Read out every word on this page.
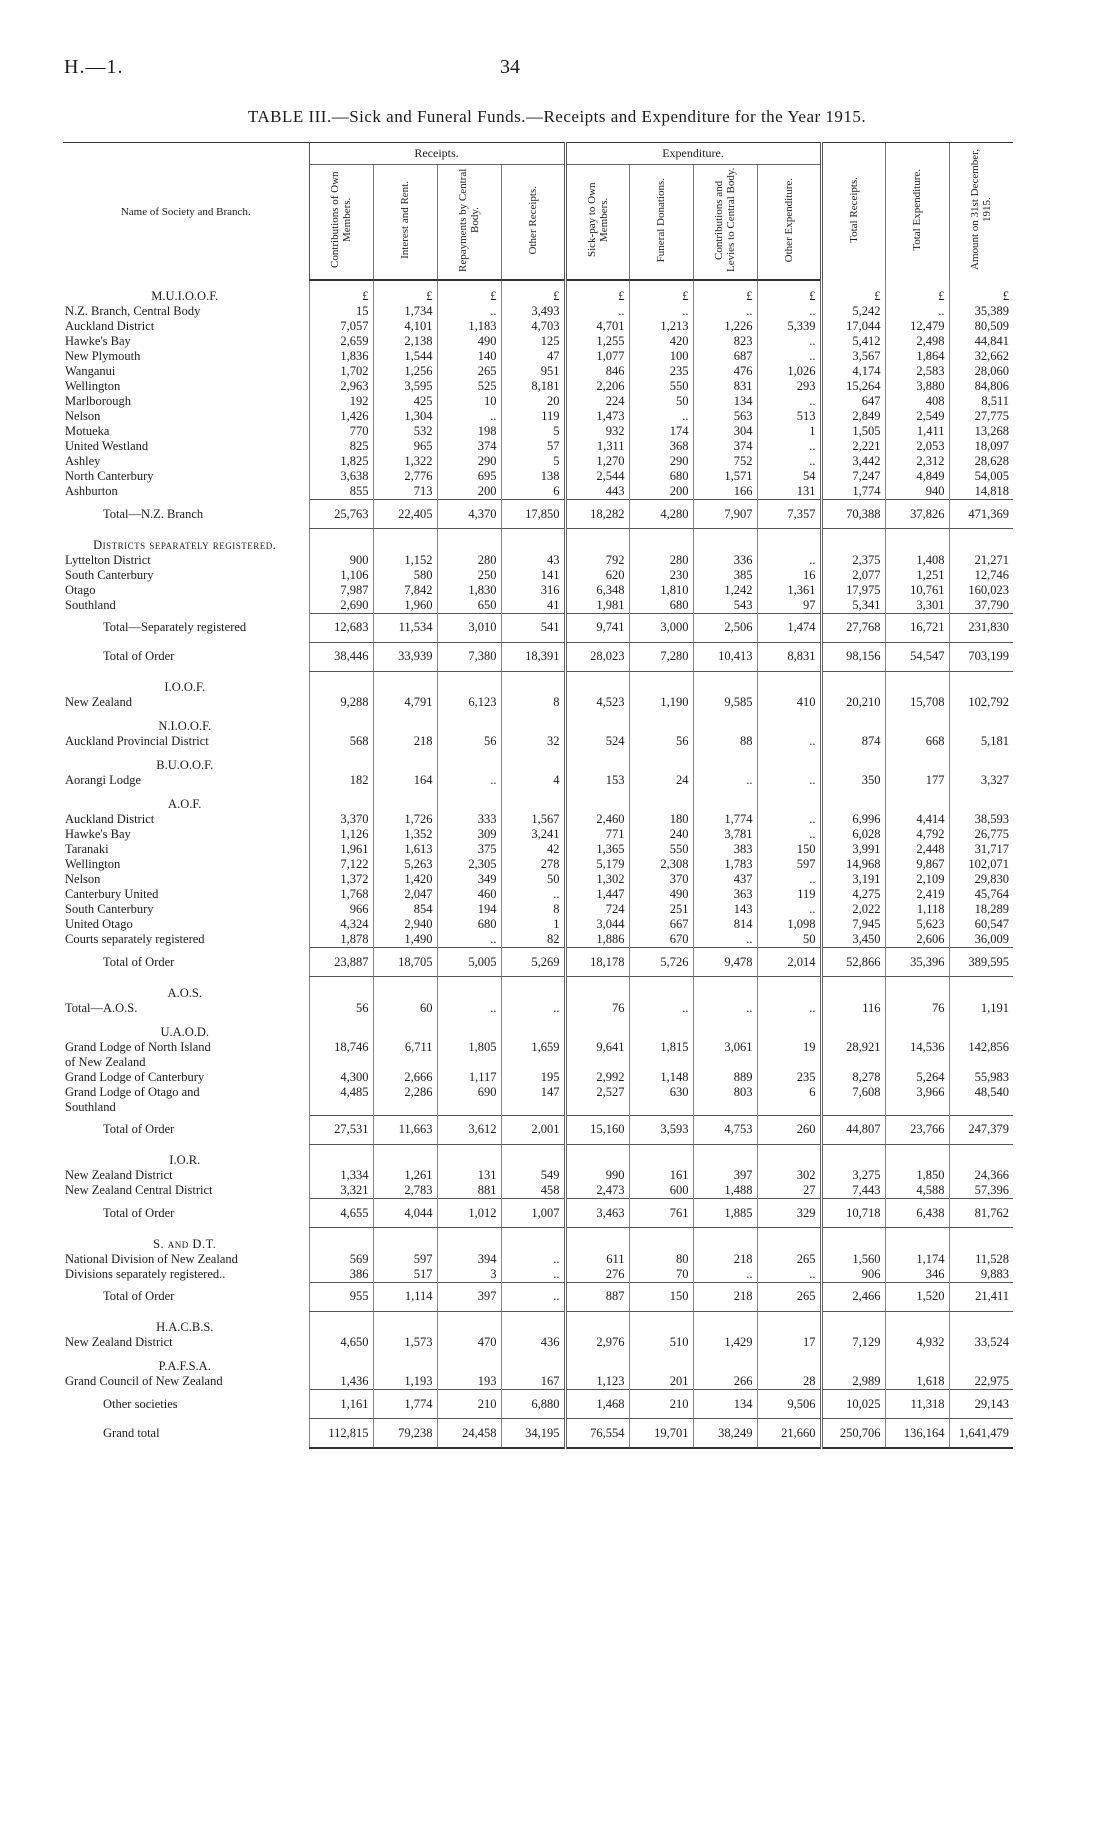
H.—1.	34
TABLE III.—Sick and Funeral Funds.—Receipts and Expenditure for the Year 1915.
Name of Society and Branch.	Receipts.				Expenditure.				Total Receipts.	Total Expenditure.	Amount on 31st December, 1915.
	Contributions of Own Members.	Interest and Rent.	Repayments by Central Body.	Other Receipts.	Sick-pay to Own Members.	Funeral Donations.	Contributions and Levies to Central Body.	Other Expenditure.			
M.U.I.O.O.F.	£	£	£	£	£	£	£	£	£	£	£
N.Z. Branch, Central Body	15	1,734	..	3,493	..	..	..	..	5,242	..	35,389
Auckland District	7,057	4,101	1,183	4,703	4,701	1,213	1,226	5,339	17,044	12,479	80,509
Hawke's Bay	2,659	2,138	490	125	1,255	420	823	..	5,412	2,498	44,841
New Plymouth	1,836	1,544	140	47	1,077	100	687	..	3,567	1,864	32,662
Wanganui	1,702	1,256	265	951	846	235	476	1,026	4,174	2,583	28,060
Wellington	2,963	3,595	525	8,181	2,206	550	831	293	15,264	3,880	84,806
Marlborough	192	425	10	20	224	50	134	..	647	408	8,511
Nelson	1,426	1,304	..	119	1,473	..	563	513	2,849	2,549	27,775
Motueka	770	532	198	5	932	174	304	1	1,505	1,411	13,268
United Westland	825	965	374	57	1,311	368	374	..	2,221	2,053	18,097
Ashley	1,825	1,322	290	5	1,270	290	752	..	3,442	2,312	28,628
North Canterbury	3,638	2,776	695	138	2,544	680	1,571	54	7,247	4,849	54,005
Ashburton	855	713	200	6	443	200	166	131	1,774	940	14,818
Total—N.Z. Branch	25,763	22,405	4,370	17,850	18,282	4,280	7,907	7,357	70,388	37,826	471,369
Districts separately registered.											
Lyttelton District	900	1,152	280	43	792	280	336	..	2,375	1,408	21,271
South Canterbury	1,106	580	250	141	620	230	385	16	2,077	1,251	12,746
Otago	7,987	7,842	1,830	316	6,348	1,810	1,242	1,361	17,975	10,761	160,023
Southland	2,690	1,960	650	41	1,981	680	543	97	5,341	3,301	37,790
Total—Separately registered	12,683	11,534	3,010	541	9,741	3,000	2,506	1,474	27,768	16,721	231,830
Total of Order	38,446	33,939	7,380	18,391	28,023	7,280	10,413	8,831	98,156	54,547	703,199
I.O.O.F.											
New Zealand	9,288	4,791	6,123	8	4,523	1,190	9,585	410	20,210	15,708	102,792
N.I.O.O.F.											
Auckland Provincial District	568	218	56	32	524	56	88	..	874	668	5,181
B.U.O.O.F.											
Aorangi Lodge	182	164	..	4	153	24	..	..	350	177	3,327
A.O.F.											
Auckland District	3,370	1,726	333	1,567	2,460	180	1,774	..	6,996	4,414	38,593
Hawke's Bay	1,126	1,352	309	3,241	771	240	3,781	..	6,028	4,792	26,775
Taranaki	1,961	1,613	375	42	1,365	550	383	150	3,991	2,448	31,717
Wellington	7,122	5,263	2,305	278	5,179	2,308	1,783	597	14,968	9,867	102,071
Nelson	1,372	1,420	349	50	1,302	370	437	..	3,191	2,109	29,830
Canterbury United	1,768	2,047	460	..	1,447	490	363	119	4,275	2,419	45,764
South Canterbury	966	854	194	8	724	251	143	..	2,022	1,118	18,289
United Otago	4,324	2,940	680	1	3,044	667	814	1,098	7,945	5,623	60,547
Courts separately registered	1,878	1,490	..	82	1,886	670	..	50	3,450	2,606	36,009
Total of Order	23,887	18,705	5,005	5,269	18,178	5,726	9,478	2,014	52,866	35,396	389,595
A.O.S.											
Total—A.O.S.	56	60	..	..	76	..	..	..	116	76	1,191
U.A.O.D.											
Grand Lodge of North Island	18,746	6,711	1,805	1,659	9,641	1,815	3,061	19	28,921	14,536	142,856
of New Zealand											
Grand Lodge of Canterbury	4,300	2,666	1,117	195	2,992	1,148	889	235	8,278	5,264	55,983
Grand Lodge of Otago and	4,485	2,286	690	147	2,527	630	803	6	7,608	3,966	48,540
Southland											
Total of Order	27,531	11,663	3,612	2,001	15,160	3,593	4,753	260	44,807	23,766	247,379
I.O.R.											
New Zealand District	1,334	1,261	131	549	990	161	397	302	3,275	1,850	24,366
New Zealand Central District	3,321	2,783	881	458	2,473	600	1,488	27	7,443	4,588	57,396
Total of Order	4,655	4,044	1,012	1,007	3,463	761	1,885	329	10,718	6,438	81,762
S. and D.T.											
National Division of New Zealand	569	597	394	..	611	80	218	265	1,560	1,174	11,528
Divisions separately registered..	386	517	3	..	276	70	..	..	906	346	9,883
Total of Order	955	1,114	397	..	887	150	218	265	2,466	1,520	21,411
H.A.C.B.S.											
New Zealand District	4,650	1,573	470	436	2,976	510	1,429	17	7,129	4,932	33,524
P.A.F.S.A.											
Grand Council of New Zealand	1,436	1,193	193	167	1,123	201	266	28	2,989	1,618	22,975
Other societies	1,161	1,774	210	6,880	1,468	210	134	9,506	10,025	11,318	29,143
Grand total	112,815	79,238	24,458	34,195	76,554	19,701	38,249	21,660	250,706	136,164	1,641,479
